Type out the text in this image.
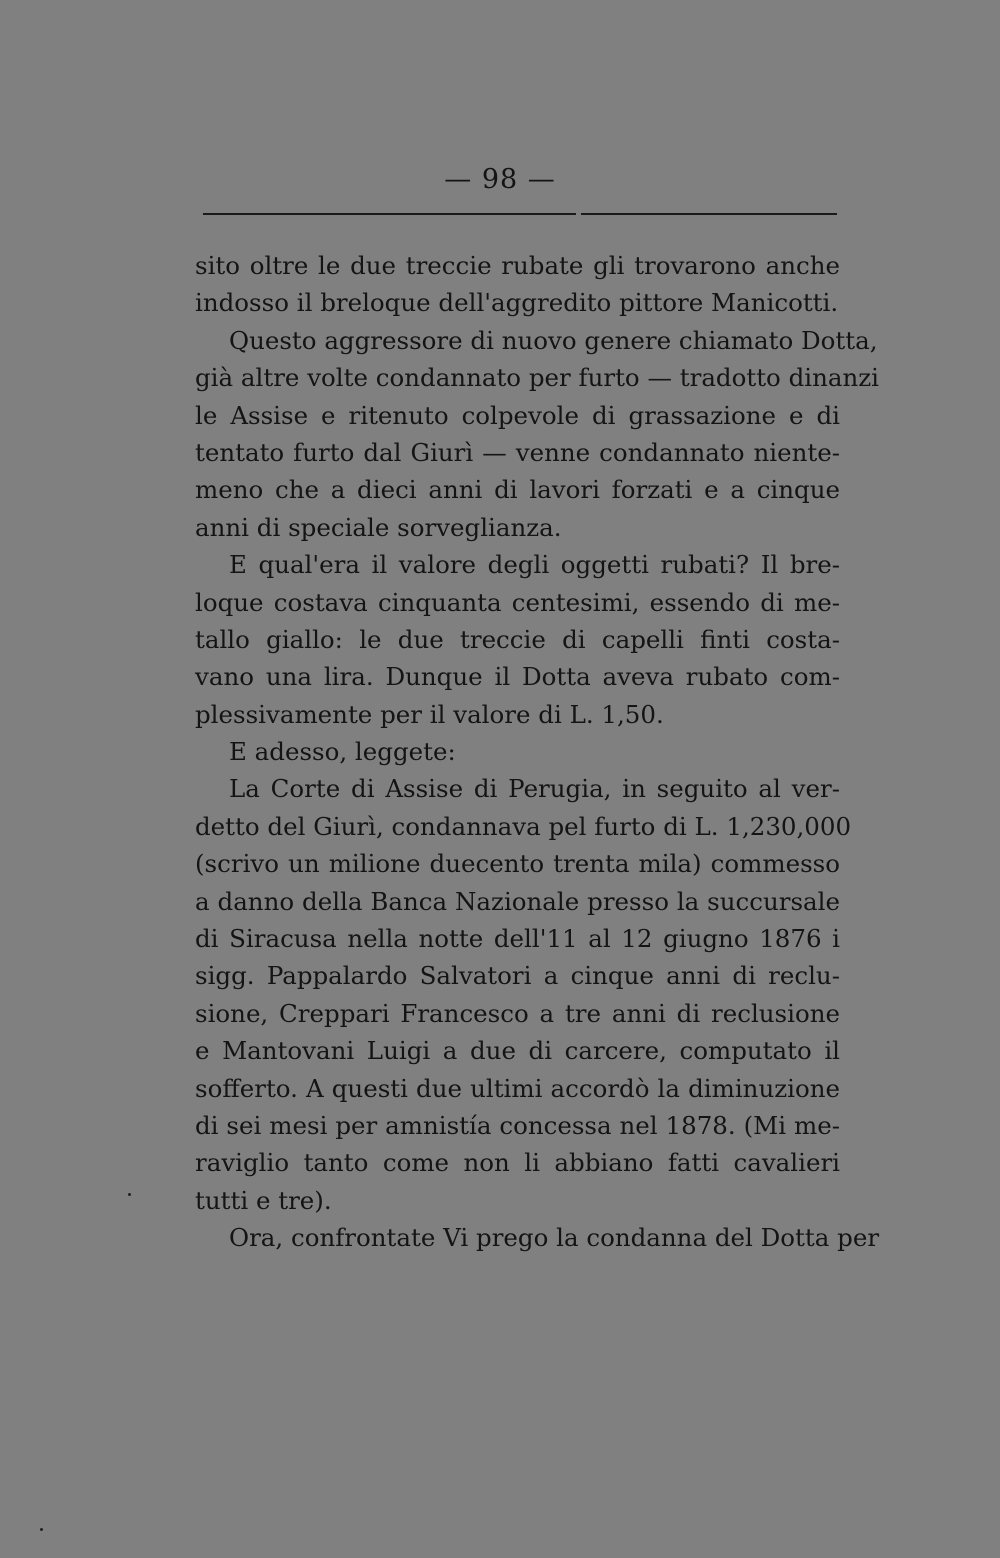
— 98 —
sito oltre le due treccie rubate gli trovarono anche
indosso il breloque dell'aggredito pittore Manicotti.
Questo aggressore di nuovo genere chiamato Dotta,
già altre volte condannato per furto — tradotto dinanzi
le Assise e ritenuto colpevole di grassazione e di
tentato furto dal Giurì — venne condannato niente-
meno che a dieci anni di lavori forzati e a cinque
anni di speciale sorveglianza.
E qual'era il valore degli oggetti rubati? Il bre-
loque costava cinquanta centesimi, essendo di me-
tallo giallo: le due treccie di capelli finti costa-
vano una lira. Dunque il Dotta aveva rubato com-
plessivamente per il valore di L. 1,50.
E adesso, leggete:
La Corte di Assise di Perugia, in seguito al ver-
detto del Giurì, condannava pel furto di L. 1,230,000
(scrivo un milione duecento trenta mila) commesso
a danno della Banca Nazionale presso la succursale
di Siracusa nella notte dell'11 al 12 giugno 1876 i
sigg. Pappalardo Salvatori a cinque anni di reclu-
sione, Creppari Francesco a tre anni di reclusione
e Mantovani Luigi a due di carcere, computato il
sofferto. A questi due ultimi accordò la diminuzione
di sei mesi per amnistía concessa nel 1878. (Mi me-
raviglio tanto come non li abbiano fatti cavalieri
tutti e tre).
Ora, confrontate Vi prego la condanna del Dotta per
